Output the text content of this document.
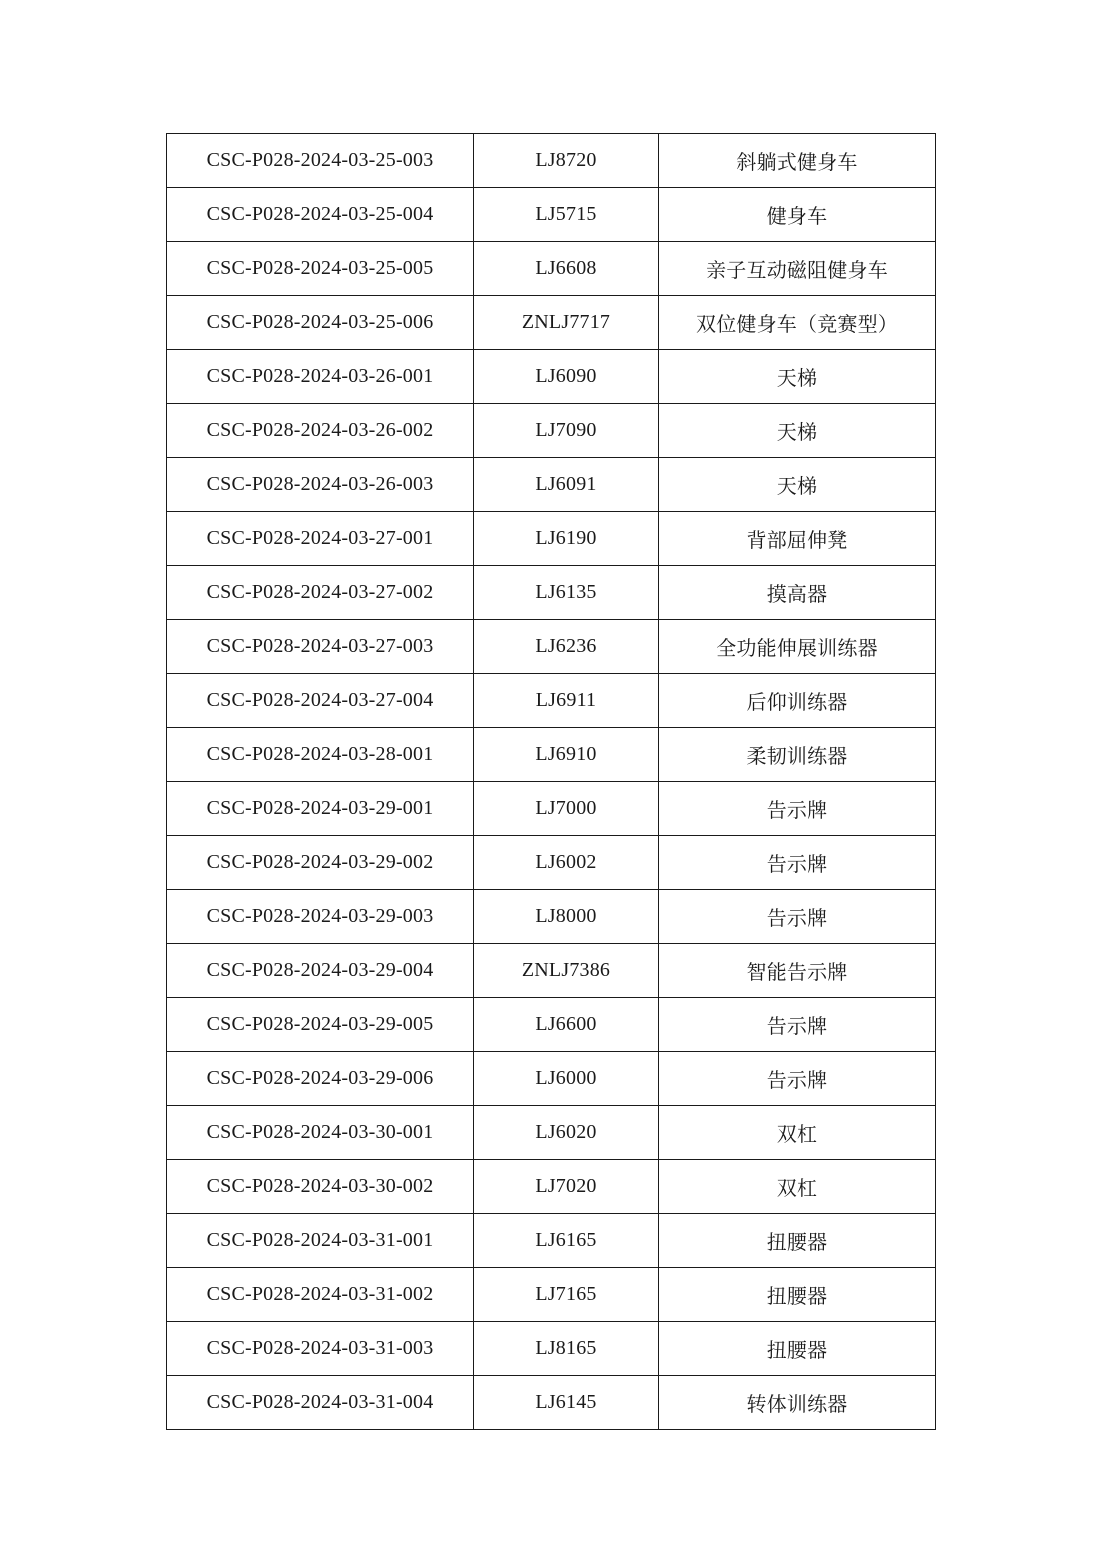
CSC-P028-2024-03-25-003	LJ8720	斜躺式健身车
CSC-P028-2024-03-25-004	LJ5715	健身车
CSC-P028-2024-03-25-005	LJ6608	亲子互动磁阻健身车
CSC-P028-2024-03-25-006	ZNLJ7717	双位健身车（竞赛型）
CSC-P028-2024-03-26-001	LJ6090	天梯
CSC-P028-2024-03-26-002	LJ7090	天梯
CSC-P028-2024-03-26-003	LJ6091	天梯
CSC-P028-2024-03-27-001	LJ6190	背部屈伸凳
CSC-P028-2024-03-27-002	LJ6135	摸高器
CSC-P028-2024-03-27-003	LJ6236	全功能伸展训练器
CSC-P028-2024-03-27-004	LJ6911	后仰训练器
CSC-P028-2024-03-28-001	LJ6910	柔韧训练器
CSC-P028-2024-03-29-001	LJ7000	告示牌
CSC-P028-2024-03-29-002	LJ6002	告示牌
CSC-P028-2024-03-29-003	LJ8000	告示牌
CSC-P028-2024-03-29-004	ZNLJ7386	智能告示牌
CSC-P028-2024-03-29-005	LJ6600	告示牌
CSC-P028-2024-03-29-006	LJ6000	告示牌
CSC-P028-2024-03-30-001	LJ6020	双杠
CSC-P028-2024-03-30-002	LJ7020	双杠
CSC-P028-2024-03-31-001	LJ6165	扭腰器
CSC-P028-2024-03-31-002	LJ7165	扭腰器
CSC-P028-2024-03-31-003	LJ8165	扭腰器
CSC-P028-2024-03-31-004	LJ6145	转体训练器
